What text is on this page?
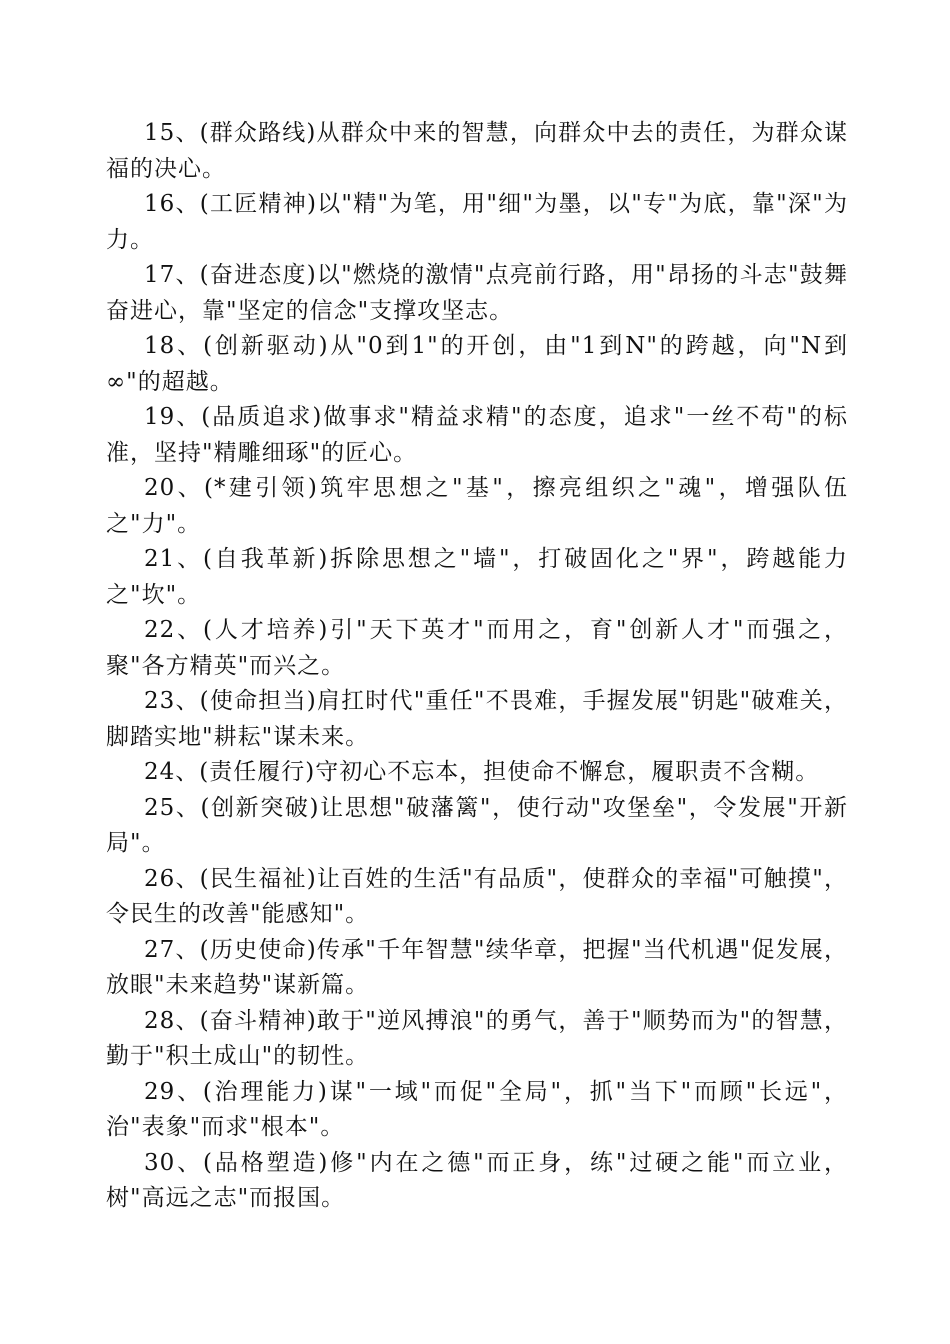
15、(群众路线)从群众中来的智慧，向群众中去的责任，为群众谋福的决心。

16、(工匠精神)以"精"为笔，用"细"为墨，以"专"为底，靠"深"为力。

17、(奋进态度)以"燃烧的激情"点亮前行路，用"昂扬的斗志"鼓舞奋进心，靠"坚定的信念"支撑攻坚志。

18、(创新驱动)从"0到1"的开创，由"1到N"的跨越，向"N到∞"的超越。

19、(品质追求)做事求"精益求精"的态度，追求"一丝不苟"的标准，坚持"精雕细琢"的匠心。

20、(*建引领)筑牢思想之"基"，擦亮组织之"魂"，增强队伍之"力"。

21、(自我革新)拆除思想之"墙"，打破固化之"界"，跨越能力之"坎"。

22、(人才培养)引"天下英才"而用之，育"创新人才"而强之，聚"各方精英"而兴之。

23、(使命担当)肩扛时代"重任"不畏难，手握发展"钥匙"破难关，脚踏实地"耕耘"谋未来。

24、(责任履行)守初心不忘本，担使命不懈怠，履职责不含糊。

25、(创新突破)让思想"破藩篱"，使行动"攻堡垒"，令发展"开新局"。

26、(民生福祉)让百姓的生活"有品质"，使群众的幸福"可触摸"，令民生的改善"能感知"。

27、(历史使命)传承"千年智慧"续华章，把握"当代机遇"促发展，放眼"未来趋势"谋新篇。

28、(奋斗精神)敢于"逆风搏浪"的勇气，善于"顺势而为"的智慧，勤于"积土成山"的韧性。

29、(治理能力)谋"一域"而促"全局"，抓"当下"而顾"长远"，治"表象"而求"根本"。

30、(品格塑造)修"内在之德"而正身，练"过硬之能"而立业，树"高远之志"而报国。
